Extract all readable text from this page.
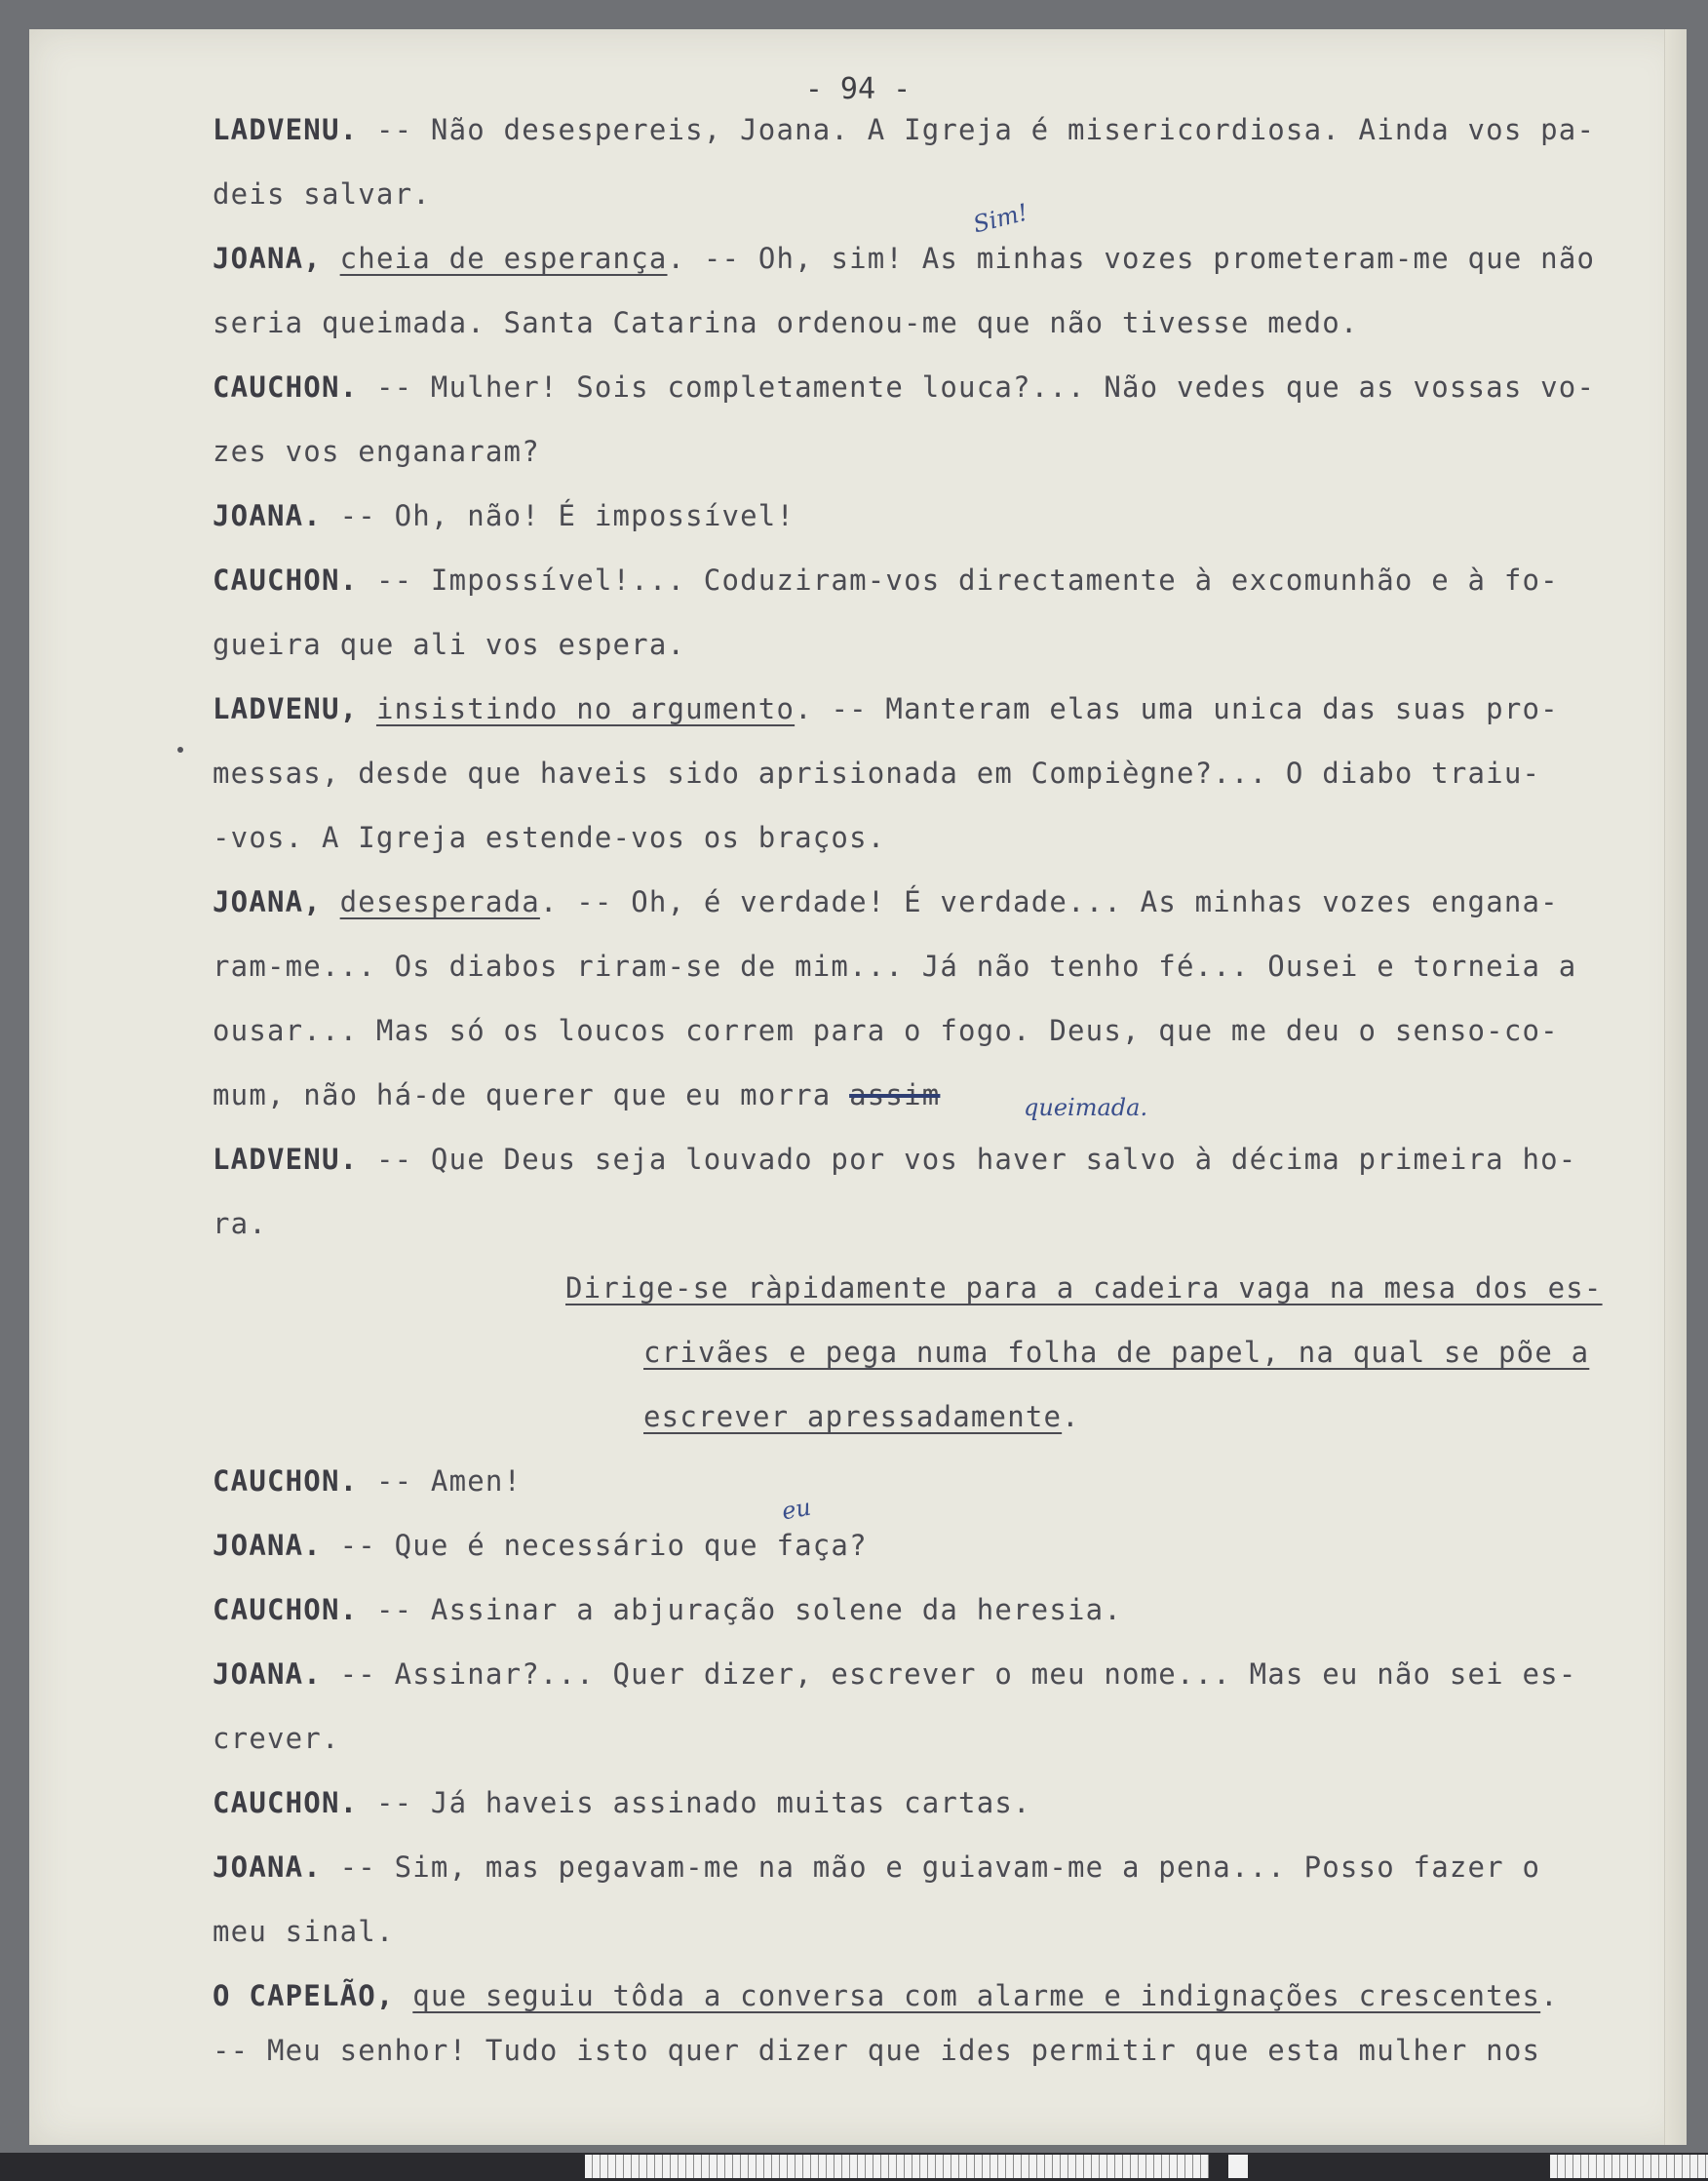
- 94 -
LADVENU. -- Não desespereis, Joana. A Igreja é misericordiosa. Ainda vos pa-
deis salvar.
JOANA, cheia de esperança. -- Oh, sim! As minhas vozes prometeram-me que não
Sim!
seria queimada. Santa Catarina ordenou-me que não tivesse medo.
CAUCHON. -- Mulher! Sois completamente louca?... Não vedes que as vossas vo-
zes vos enganaram?
JOANA. -- Oh, não! É impossível!
CAUCHON. -- Impossível!... Coduziram-vos directamente à excomunhão e à fo-
gueira que ali vos espera.
LADVENU, insistindo no argumento. -- Manteram elas uma unica das suas pro-
messas, desde que haveis sido aprisionada em Compiègne?... O diabo traiu-
-vos. A Igreja estende-vos os braços.
JOANA, desesperada. -- Oh, é verdade! É verdade... As minhas vozes engana-
ram-me... Os diabos riram-se de mim... Já não tenho fé... Ousei e torneia a
ousar... Mas só os loucos correm para o fogo. Deus, que me deu o senso-co-
mum, não há-de querer que eu morra assim	queimada.
LADVENU. -- Que Deus seja louvado por vos haver salvo à décima primeira ho-
ra.
Dirige-se ràpidamente para a cadeira vaga na mesa dos es-
crivães e pega numa folha de papel, na qual se põe a
escrever apressadamente.
CAUCHON. -- Amen!
JOANA. -- Que é necessário que faça?
eu
CAUCHON. -- Assinar a abjuração solene da heresia.
JOANA. -- Assinar?... Quer dizer, escrever o meu nome... Mas eu não sei es-
crever.
CAUCHON. -- Já haveis assinado muitas cartas.
JOANA. -- Sim, mas pegavam-me na mão e guiavam-me a pena... Posso fazer o
meu sinal.
O CAPELÃO, que seguiu tôda a conversa com alarme e indignações crescentes.
-- Meu senhor! Tudo isto quer dizer que ides permitir que esta mulher nos
